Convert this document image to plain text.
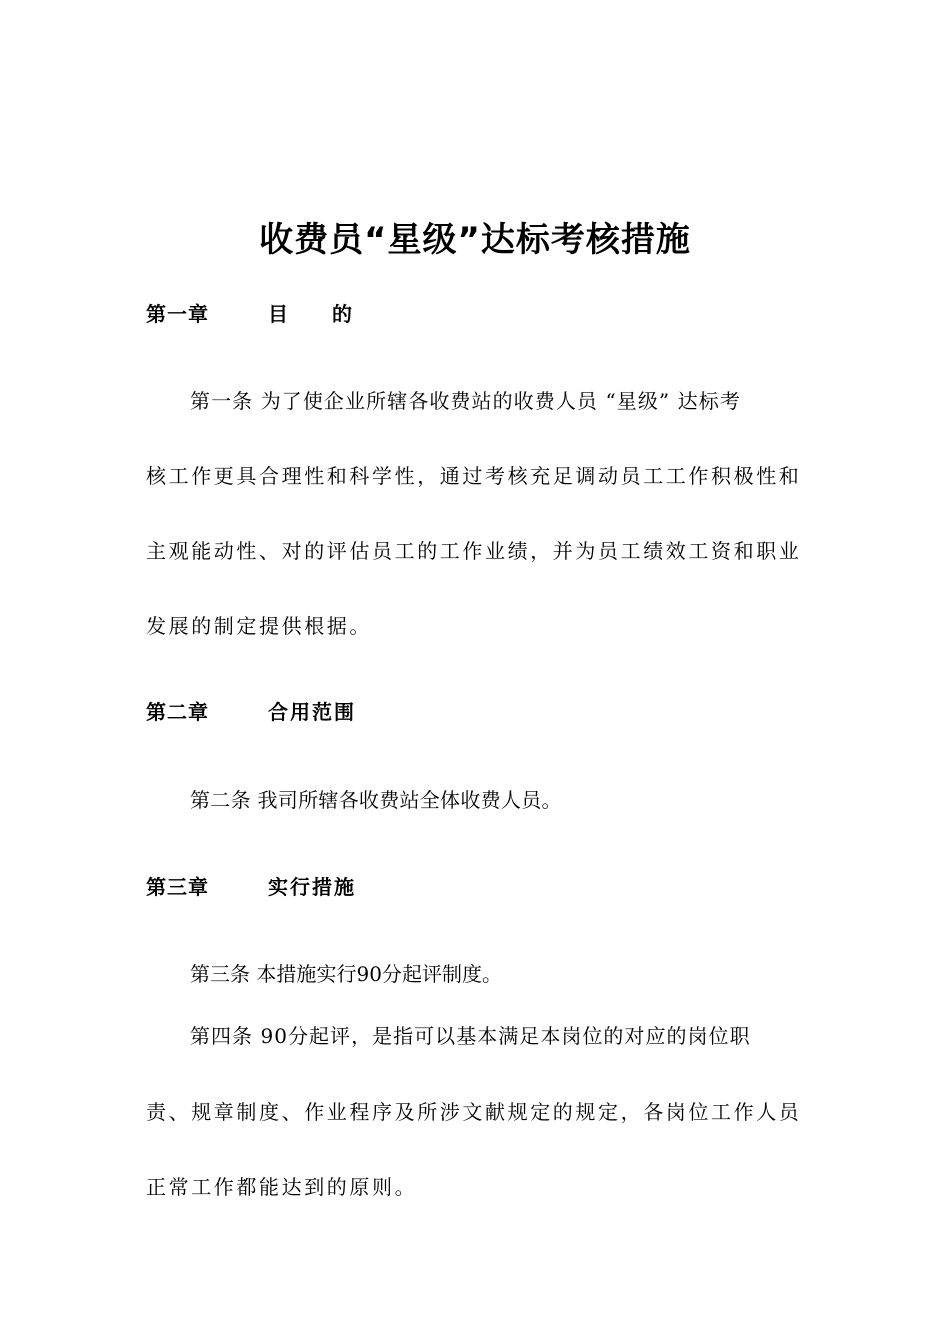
收费员“星级”达标考核措施
第一章	目的
第一条 为了使企业所辖各收费站的收费人员 “星级” 达标考
核工作更具合理性和科学性，通过考核充足调动员工工作积极性和
主观能动性、对的评估员工的工作业绩，并为员工绩效工资和职业
发展的制定提供根据。
第二章	合用范围
第二条 我司所辖各收费站全体收费人员。
第三章	实行措施
第三条 本措施实行90分起评制度。
第四条 90分起评，是指可以基本满足本岗位的对应的岗位职
责、规章制度、作业程序及所涉文献规定的规定，各岗位工作人员
正常工作都能达到的原则。
